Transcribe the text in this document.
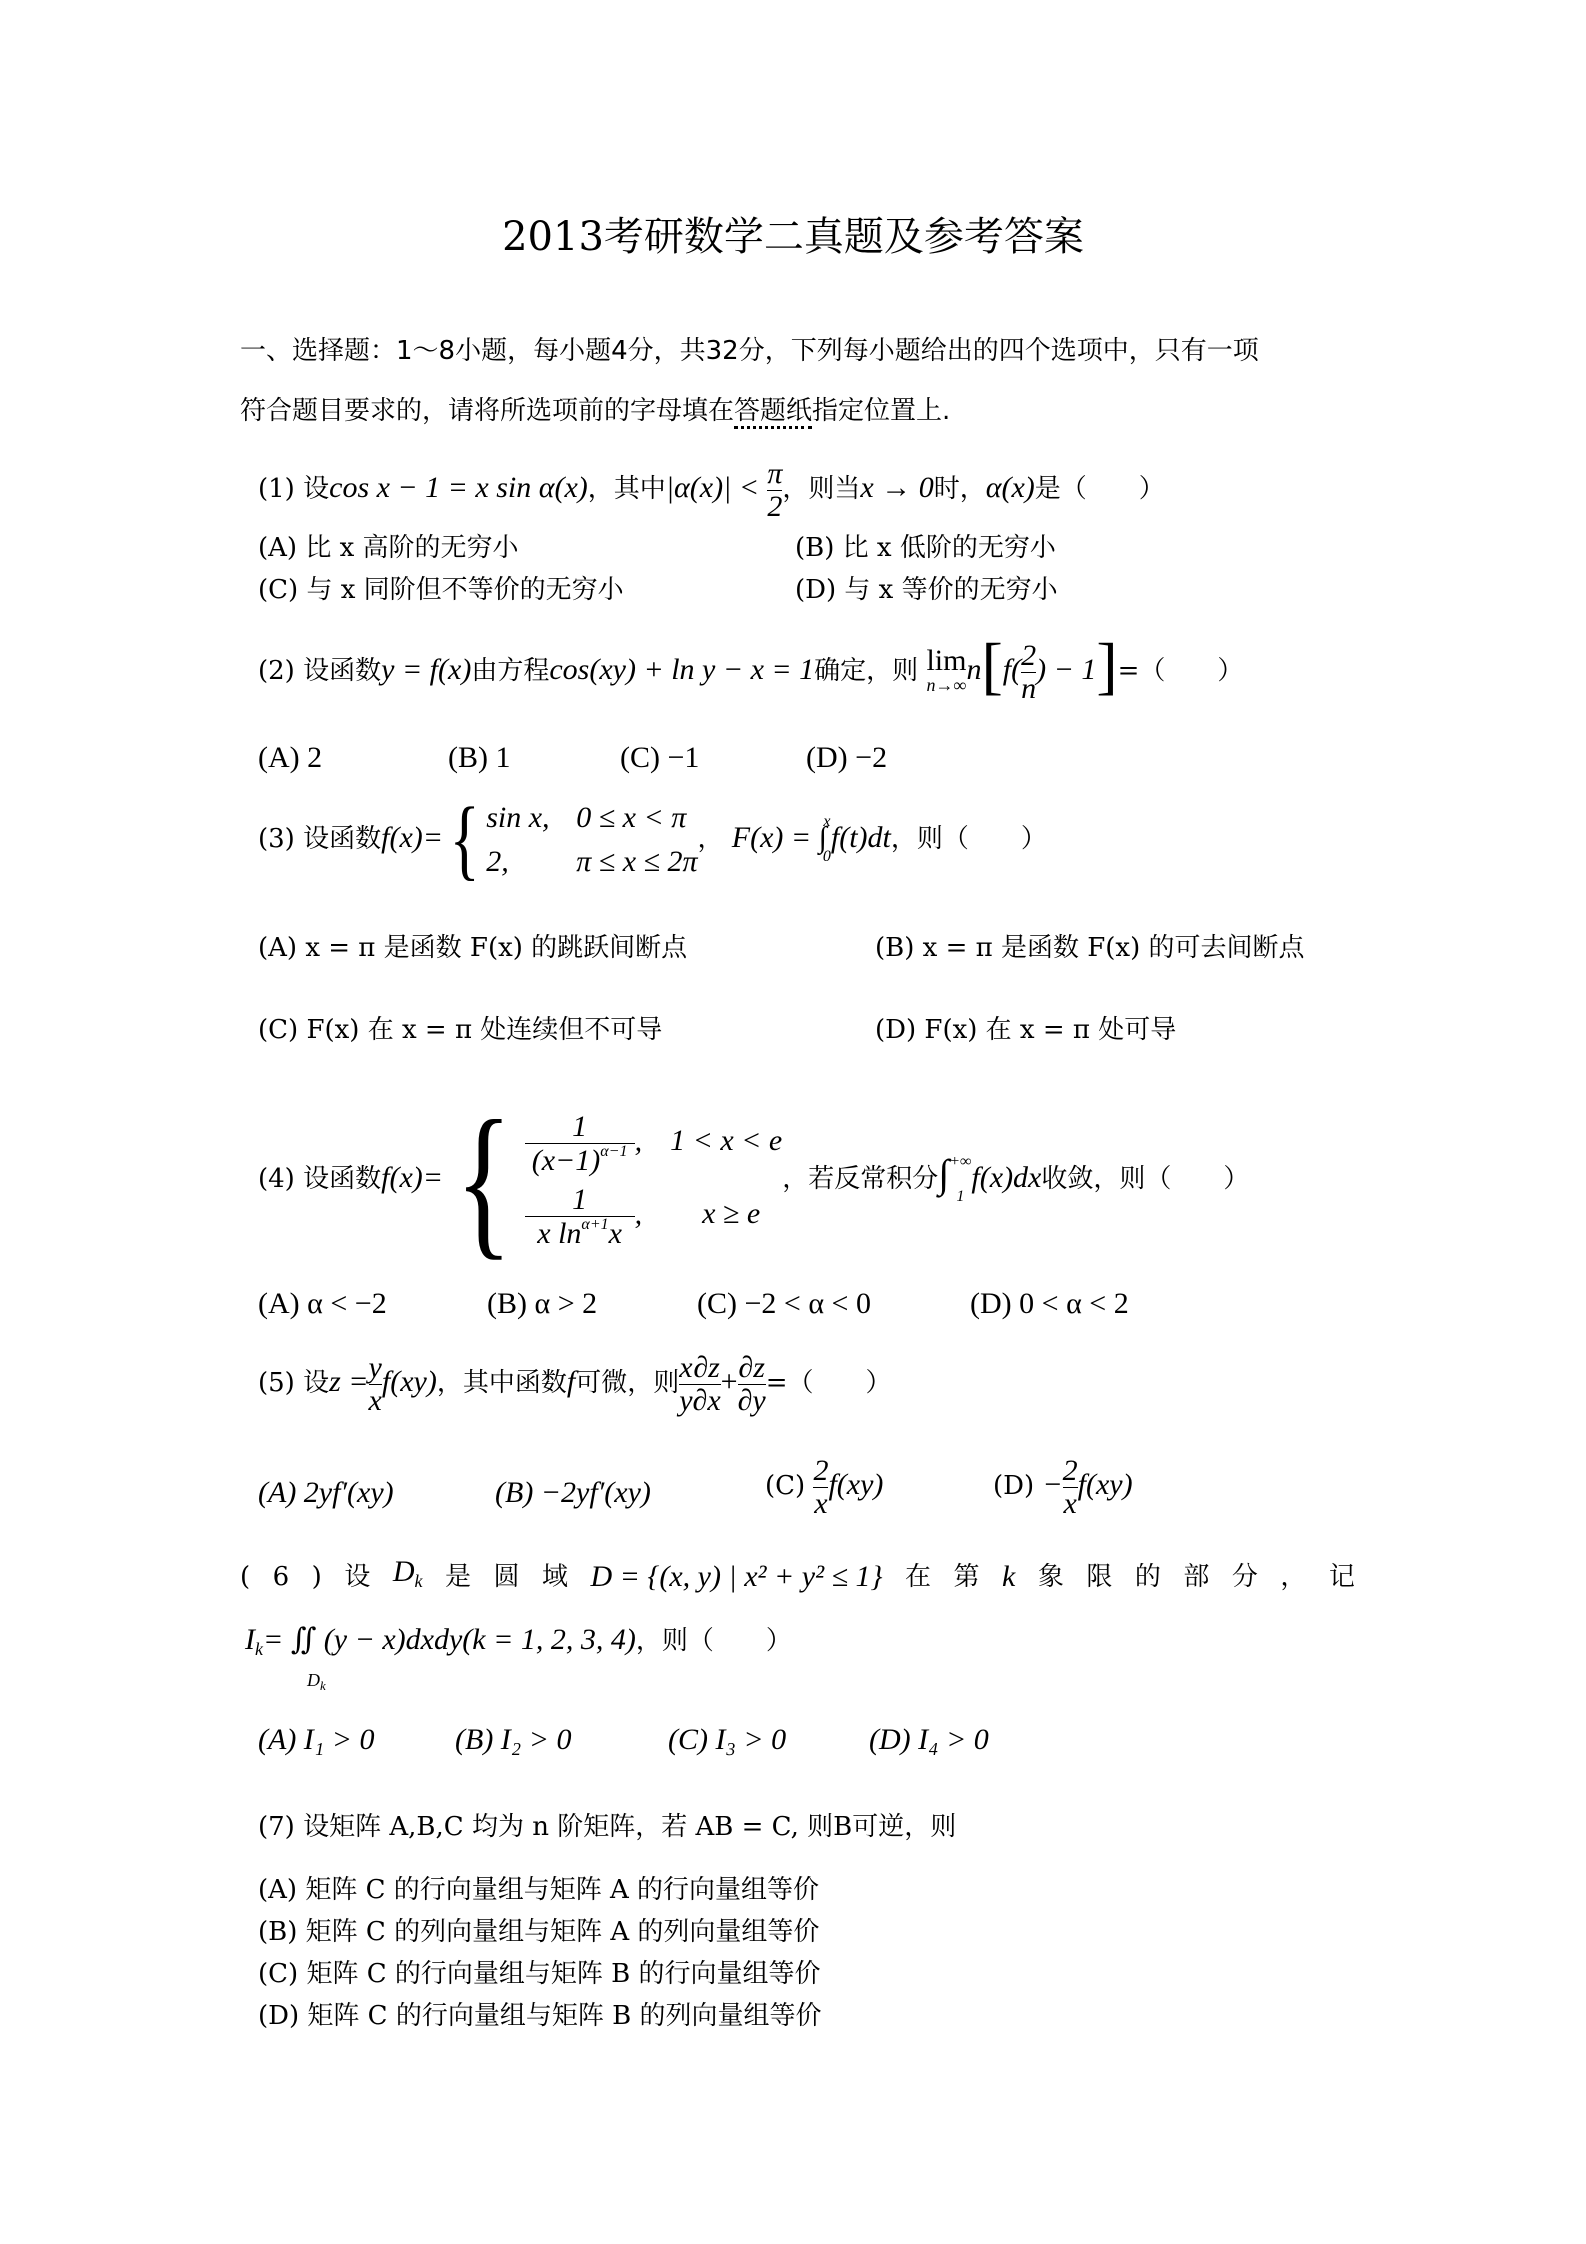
2013考研数学二真题及参考答案
一、选择题：1～8小题，每小题4分，共32分，下列每小题给出的四个选项中，只有一项
符合题目要求的，请将所选项前的字母填在答题纸指定位置上.
(1) 设cos x − 1 = x sin α(x)，其中$|\alpha(x)| < \frac{\pi}{2}$ ，则当x → 0时，α(x)是（　　）
(A) 比 x 高阶的无穷小	(B) 比 x 低阶的无穷小
(C) 与 x 同阶但不等价的无穷小	(D) 与 x 等价的无穷小
(2) 设函数y = f(x)由方程cos(xy) + ln y − x = 1确定，则 lim
n→∞ $n[f( \frac{2}{n}$ ) − 1]=（　　）
(A) 2	(B) 1	(C) −1	(D) −2
(3) 设函数f(x)={ sin x, 0 ≤ x < π
2, π ≤ x ≤ 2π
， F(x) = ∫
x
0
f(t)dt，则（　　）
(A) x = π 是函数 F(x) 的跳跃间断点	(B) x = π 是函数 F(x) 的可去间断点
(C) F(x) 在 x = π 处连续但不可导	(D) F(x) 在 x = π 处可导
(4) 设函数$f(x)=\{ \frac{1}{(x-1)^{\alpha-1}}$ , 1 < x < e
$\frac{1}{x \ln^{\alpha+1}x}$ , x ≥ e
，若反常积分∫ +∞
1
f(x)dx收敛，则（　　）
(A) α < −2	(B) α > 2	(C) −2 < α < 0	(D) 0 < α < 2
(5) 设$z = \frac{y}{x} f(xy)$，其中函数f可微，则 $\frac{x}{y} \frac{\partial z}{\partial x} + \frac{\partial z}{\partial y}$ =（　　）
(A) 2yf′(xy)	(B) −2yf′(xy)	$(C) \frac{2}{x} f(xy)$	$(D) - \frac{2}{x} f(xy)$
( 6 ) 设 $D_k$ 是 圆 域 D = {(x, y) | x² + y² ≤ 1} 在 第 k 象 限 的 部 分 ， 记
$I_k=$ ∬ (y − x)dxdy(k = 1, 2, 3, 4)，则（　　）
$D_k$
(A) I₁ > 0	(B) I₂ > 0	(C) I₃ > 0	(D) I₄ > 0
(7) 设矩阵 A,B,C 均为 n 阶矩阵，若 AB = C, 则B可逆，则
(A) 矩阵 C 的行向量组与矩阵 A 的行向量组等价
(B) 矩阵 C 的列向量组与矩阵 A 的列向量组等价
(C) 矩阵 C 的行向量组与矩阵 B 的行向量组等价
(D) 矩阵 C 的行向量组与矩阵 B 的列向量组等价
